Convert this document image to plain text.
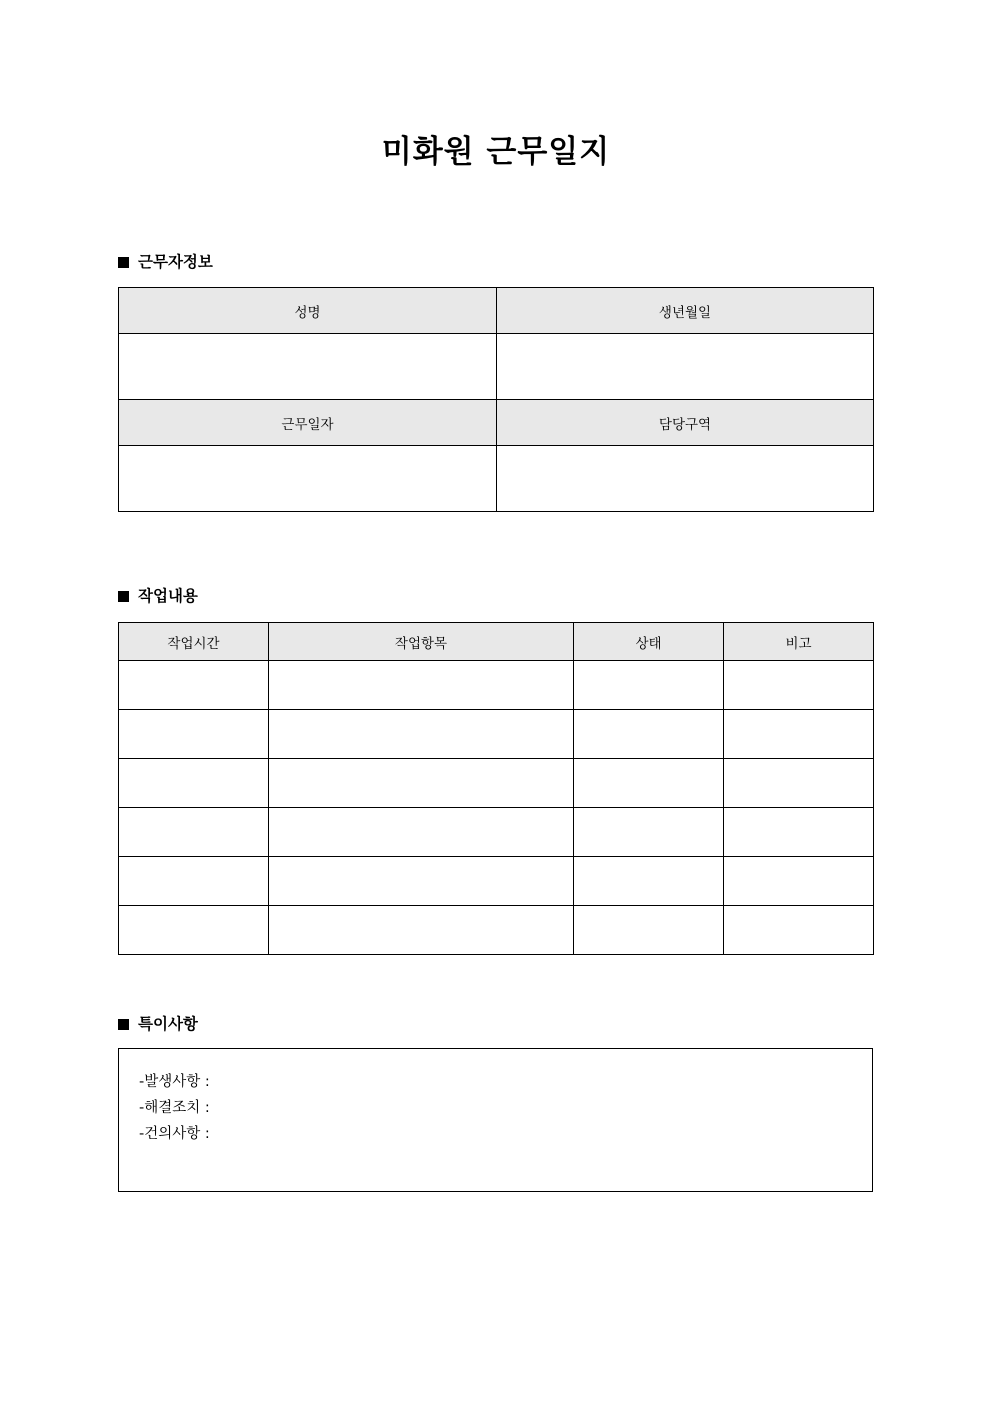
미화원 근무일지
근무자정보
성명	생년월일

근무일자	담당구역

작업내용
작업시간	작업항목	상태	비고

특이사항
-발생사항 :
-해결조치 :
-건의사항 :
